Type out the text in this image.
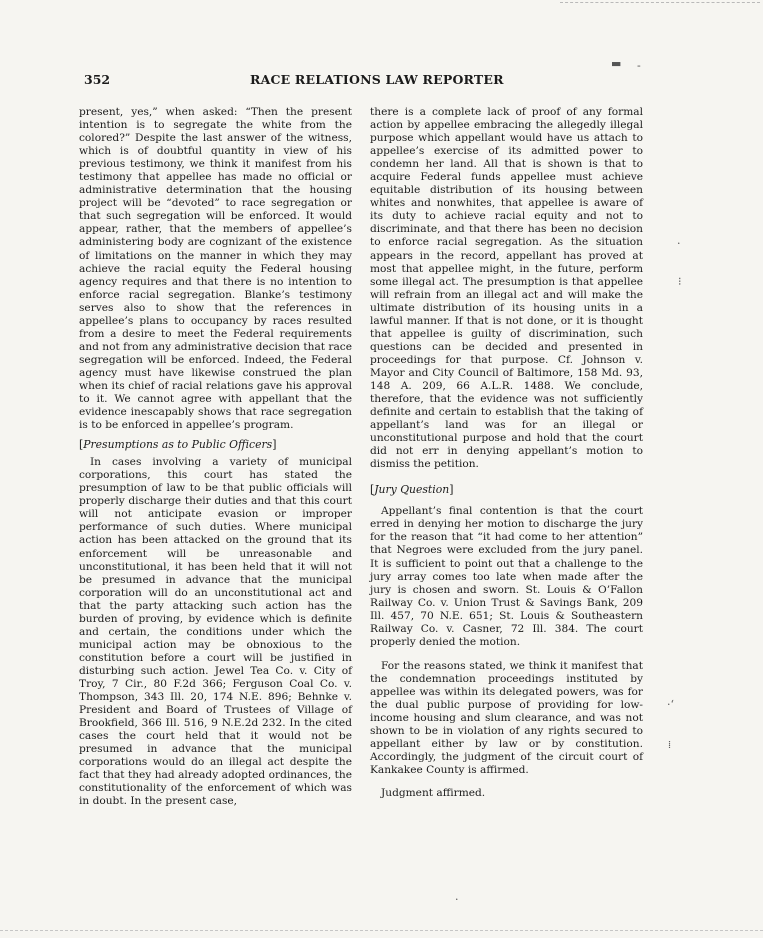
▬ ‑
·
⁝
·‘
⁞
·
352	RACE RELATIONS LAW REPORTER

present, yes,” when asked: “Then the present intention is to segregate the white from the colored?” Despite the last answer of the witness, which is of doubtful quantity in view of his previous testimony, we think it manifest from his testimony that appellee has made no official or administrative determination that the housing project will be “devoted” to race segregation or that such segregation will be enforced. It would appear, rather, that the members of appellee’s administering body are cognizant of the existence of limitations on the manner in which they may achieve the racial equity the Federal housing agency requires and that there is no intention to enforce racial segregation. Blanke’s testimony serves also to show that the references in appellee’s plans to occupancy by races resulted from a desire to meet the Federal requirements and not from any administrative decision that race segregation will be enforced. Indeed, the Federal agency must have likewise construed the plan when its chief of racial relations gave his approval to it. We cannot agree with appellant that the evidence inescapably shows that race segregation is to be enforced in appellee’s program.

[Presumptions as to Public Officers]

In cases involving a variety of municipal corporations, this court has stated the presumption of law to be that public officials will properly discharge their duties and that this court will not anticipate evasion or improper performance of such duties. Where municipal action has been attacked on the ground that its enforcement will be unreasonable and unconstitutional, it has been held that it will not be presumed in advance that the municipal corporation will do an unconstitutional act and that the party attacking such action has the burden of proving, by evidence which is definite and certain, the conditions under which the municipal action may be obnoxious to the constitution before a court will be justified in disturbing such action. Jewel Tea Co. v. City of Troy, 7 Cir., 80 F.2d 366; Ferguson Coal Co. v. Thompson, 343 Ill. 20, 174 N.E. 896; Behnke v. President and Board of Trustees of Village of Brookfield, 366 Ill. 516, 9 N.E.2d 232. In the cited cases the court held that it would not be presumed in advance that the municipal corporations would do an illegal act despite the fact that they had already adopted ordinances, the constitutionality of the enforcement of which was in doubt. In the present case,

there is a complete lack of proof of any formal action by appellee embracing the allegedly illegal purpose which appellant would have us attach to appellee’s exercise of its admitted power to condemn her land. All that is shown is that to acquire Federal funds appellee must achieve equitable distribution of its housing between whites and nonwhites, that appellee is aware of its duty to achieve racial equity and not to discriminate, and that there has been no decision to enforce racial segregation. As the situation appears in the record, appellant has proved at most that appellee might, in the future, perform some illegal act. The presumption is that appellee will refrain from an illegal act and will make the ultimate distribution of its housing units in a lawful manner. If that is not done, or it is thought that appellee is guilty of discrimination, such questions can be decided and presented in proceedings for that purpose. Cf. Johnson v. Mayor and City Council of Baltimore, 158 Md. 93, 148 A. 209, 66 A.L.R. 1488. We conclude, therefore, that the evidence was not sufficiently definite and certain to establish that the taking of appellant’s land was for an illegal or unconstitutional purpose and hold that the court did not err in denying appellant’s motion to dismiss the petition.

[Jury Question]

Appellant’s final contention is that the court erred in denying her motion to discharge the jury for the reason that “it had come to her attention” that Negroes were excluded from the jury panel. It is sufficient to point out that a challenge to the jury array comes too late when made after the jury is chosen and sworn. St. Louis & O’Fallon Railway Co. v. Union Trust & Savings Bank, 209 Ill. 457, 70 N.E. 651; St. Louis & Southeastern Railway Co. v. Casner, 72 Ill. 384. The court properly denied the motion.

For the reasons stated, we think it manifest that the condemnation proceedings instituted by appellee was within its delegated powers, was for the dual public purpose of providing for low-income housing and slum clearance, and was not shown to be in violation of any rights secured to appellant either by law or by constitution. Accordingly, the judgment of the circuit court of Kankakee County is affirmed.

Judgment affirmed.
